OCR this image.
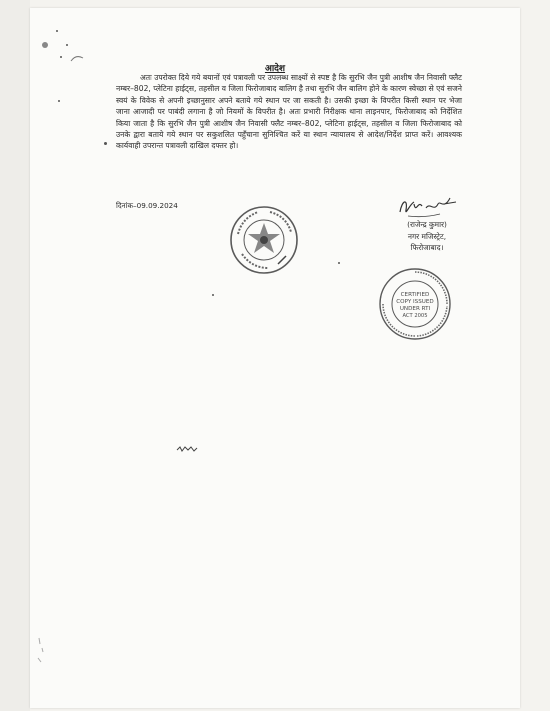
आदेश

अतः उपरोक्त दिये गये बयानों एवं पत्रावली पर उपलब्ध साक्ष्यों से स्पष्ट है कि सुरभि जैन पुत्री आशीष जैन निवासी फ्लैट नम्बर–802, प्लेटिना हाईट्स, तहसील व जिला फिरोजाबाद बालिग है तथा सुरभि जैन बालिग होने के कारण स्वेच्छा से एवं सजने स्वयं के विवेक से अपनी इच्छानुसार अपने बताये गये स्थान पर जा सकती है। उसकी इच्छा के विपरीत किसी स्थान पर भेजा जाना आजादी पर पाबंदी लगाना है जो नियमों के विपरीत है। अतः प्रभारी निरीक्षक थाना लाइनपार, फिरोजाबाद को निर्देशित किया जाता है कि सुरभि जैन पुत्री आशीष जैन निवासी फ्लैट नम्बर–802, प्लेटिना हाईट्स, तहसील व जिला फिरोजाबाद को उनके द्वारा बताये गये स्थान पर सकुशलित पहुँचाना सुनिश्चित करें या स्थान न्यायालय से आदेश/निर्देश प्राप्त करें। आवश्यक कार्यवाही उपरान्त पत्रावली दाखिल दफ्तर हो।

दिनांक–09.09.2024
(राजेन्द्र कुमार)
नगर मजिस्ट्रेट,
फिरोजाबाद।
CERTIFIED
COPY ISSUED
UNDER RTI
ACT 2005
